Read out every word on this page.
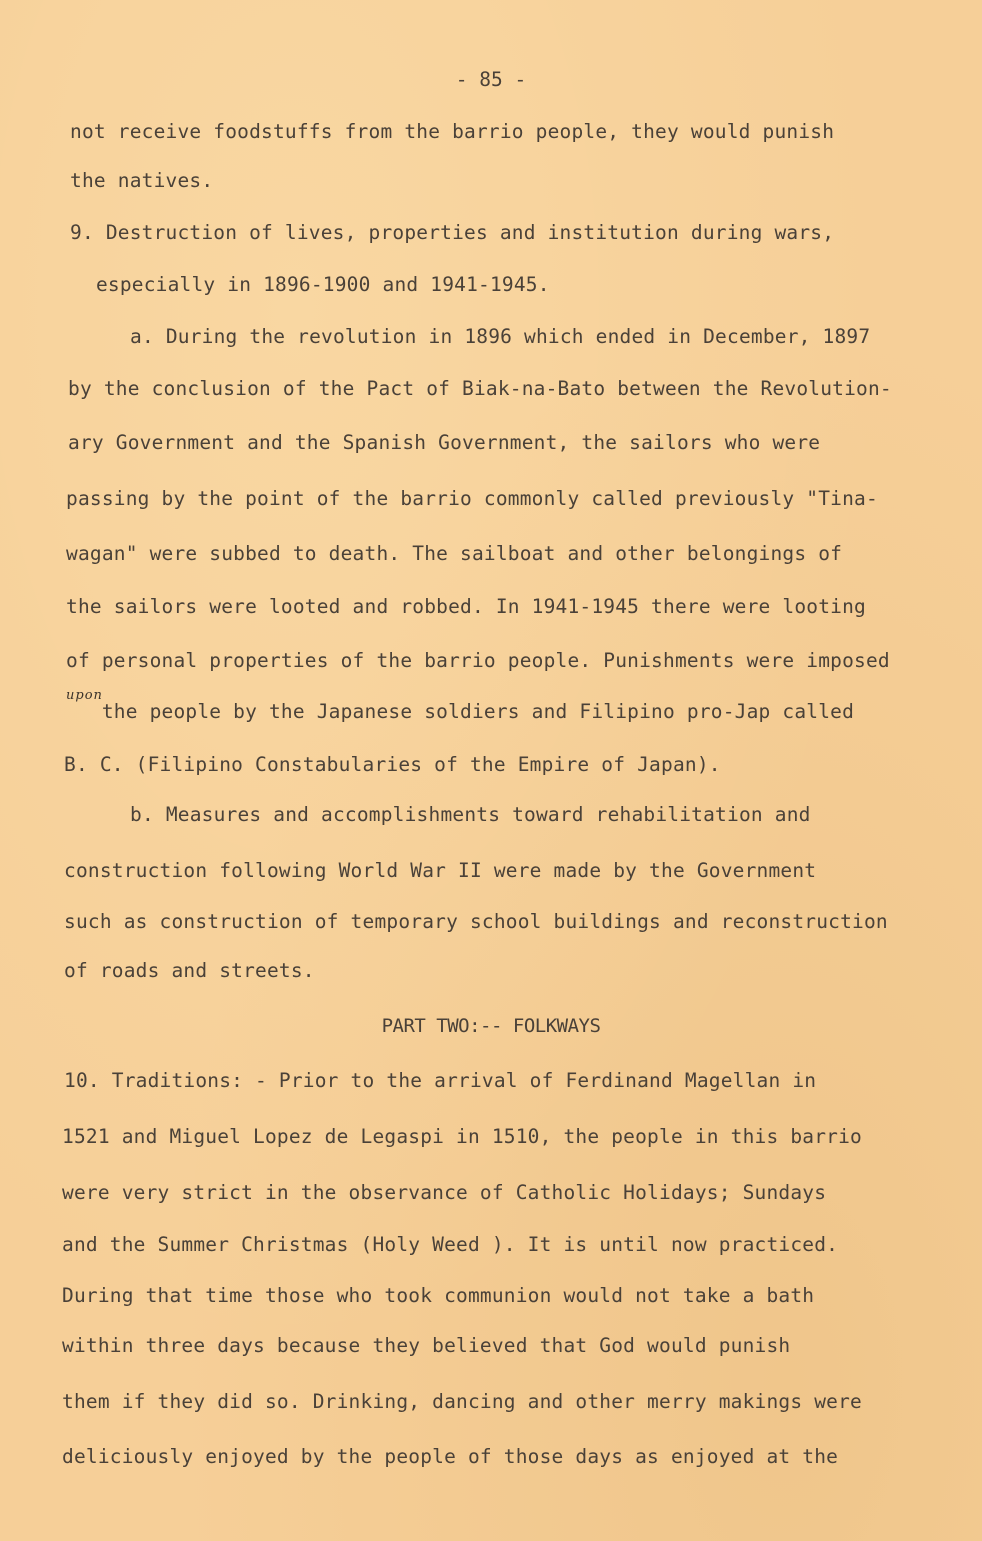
- 85 -
not receive foodstuffs from the barrio people, they would punish
the natives.
9. Destruction of lives, properties and institution during wars,
especially in 1896-1900 and 1941-1945.
a. During the revolution in 1896 which ended in December, 1897
by the conclusion of the Pact of Biak-na-Bato between the Revolution-
ary Government and the Spanish Government, the sailors who were
passing by the point of the barrio commonly called previously "Tina-
wagan" were subbed to death. The sailboat and other belongings of
the sailors were looted and robbed. In 1941-1945 there were looting
of personal properties of the barrio people. Punishments were imposed
upon
the people by the Japanese soldiers and Filipino pro-Jap called
B. C. (Filipino Constabularies of the Empire of Japan).
b. Measures and accomplishments toward rehabilitation and
construction following World War II were made by the Government
such as construction of temporary school buildings and reconstruction
of roads and streets.
PART TWO:-- FOLKWAYS
10. Traditions: - Prior to the arrival of Ferdinand Magellan in
1521 and Miguel Lopez de Legaspi in 1510, the people in this barrio
were very strict in the observance of Catholic Holidays; Sundays
and the Summer Christmas (Holy Weed ). It is until now practiced.
During that time those who took communion would not take a bath
within three days because they believed that God would punish
them if they did so. Drinking, dancing and other merry makings were
deliciously enjoyed by the people of those days as enjoyed at the
